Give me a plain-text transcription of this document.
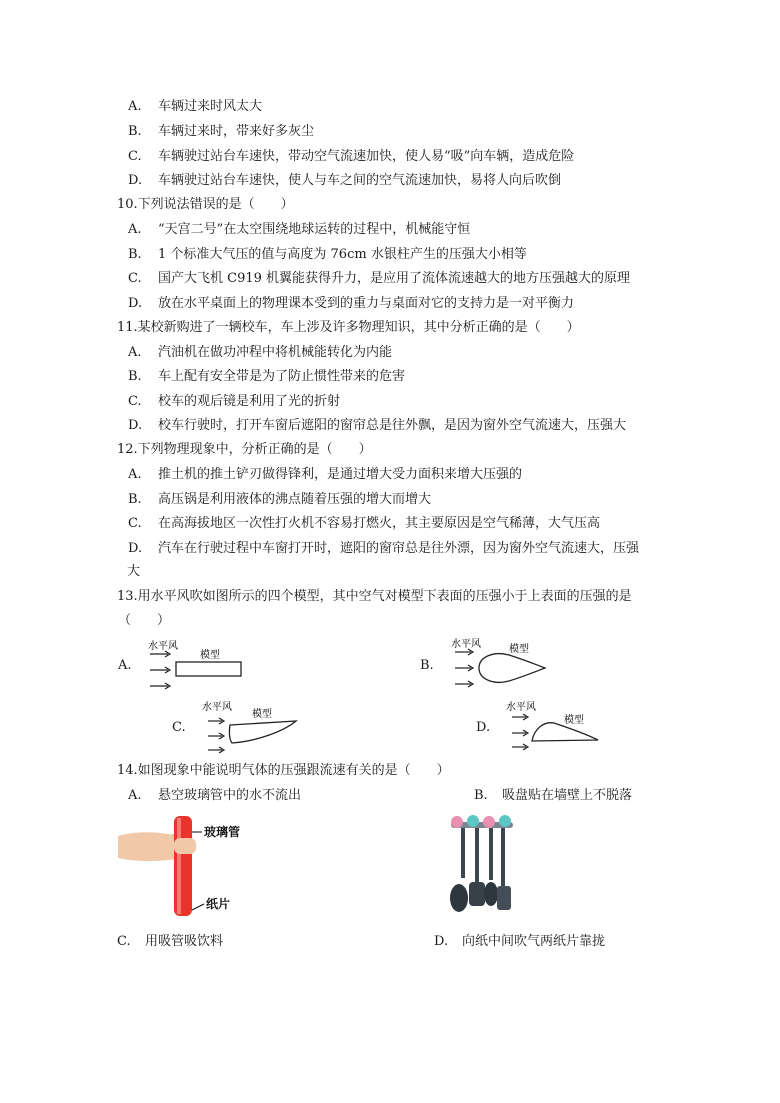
A. 车辆过来时风太大
B. 车辆过来时，带来好多灰尘
C. 车辆驶过站台车速快，带动空气流速加快，使人易“吸”向车辆，造成危险
D. 车辆驶过站台车速快，使人与车之间的空气流速加快，易将人向后吹倒
10.下列说法错误的是（　　）
A. “天宫二号”在太空围绕地球运转的过程中，机械能守恒
B. 1 个标准大气压的值与高度为 76cm 水银柱产生的压强大小相等
C. 国产大飞机 C919 机翼能获得升力，是应用了流体流速越大的地方压强越大的原理
D. 放在水平桌面上的物理课本受到的重力与桌面对它的支持力是一对平衡力
11.某校新购进了一辆校车，车上涉及许多物理知识，其中分析正确的是（　　）
A. 汽油机在做功冲程中将机械能转化为内能
B. 车上配有安全带是为了防止惯性带来的危害
C. 校车的观后镜是利用了光的折射
D. 校车行驶时，打开车窗后遮阳的窗帘总是往外飘，是因为窗外空气流速大，压强大
12.下列物理现象中，分析正确的是（　　）
A. 推土机的推土铲刃做得锋利，是通过增大受力面积来增大压强的
B. 高压锅是利用液体的沸点随着压强的增大而增大
C. 在高海拔地区一次性打火机不容易打燃火，其主要原因是空气稀薄，大气压高
D. 汽车在行驶过程中车窗打开时，遮阳的窗帘总是往外漂，因为窗外空气流速大，压强
大
13.用水平风吹如图所示的四个模型，其中空气对模型下表面的压强小于上表面的压强的是
（　　）
A.
水平风
模型
B.
水平风	模型
C.
水平风
模型
D.
水平风
模型
14.如图现象中能说明气体的压强跟流速有关的是（　　）
A. 悬空玻璃管中的水不流出	B. 吸盘贴在墙壁上不脱落
玻璃管
纸片
C. 用吸管吸饮料	D. 向纸中间吹气两纸片靠拢
